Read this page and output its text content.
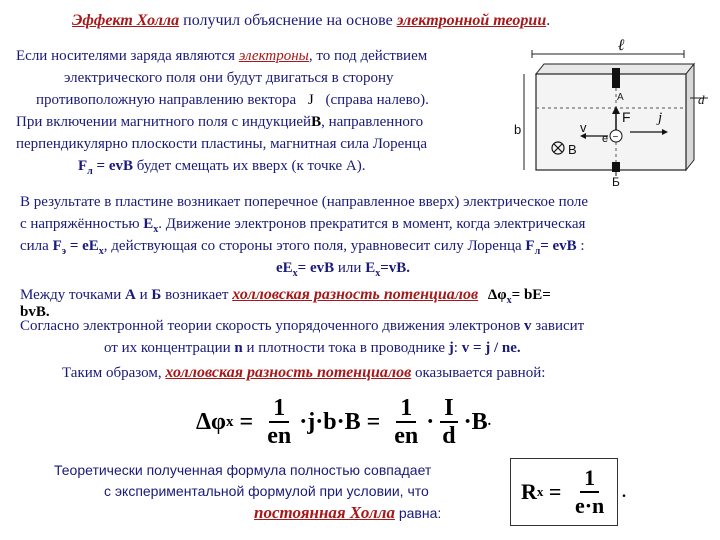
Эффект Холла получил объяснение на основе электронной теории.
Если носителями заряда являются электроны, то под действием
электрического поля они будут двигаться в сторону
противоположную направлению вектора J (справа налево).
При включении магнитного поля с индукциейB, направленного
перпендикулярно плоскости пластины, магнитная сила Лоренца
$F_л$ = evB будет смещать их вверх (к точке А).
ℓ
А
F
−
e
v
j
B
Б
b
d
В результате в пластине возникает поперечное (направленное вверх) электрическое поле
с напряжённостью $E_x$. Движение электронов прекратится в момент, когда электрическая
сила $F_э = eE_x$, действующая со стороны этого поля, уравновесит силу Лоренца $F_л=$ evB :
$eE_x=$ evB или $E_x=vB$.
Между точками А и Б возникает холловская разность потенциалов $\Delta\varphi_x= bE=$
bvB.
Согласно электронной теории скорость упорядоченного движения электронов v зависит
от их концентрации n и плотности тока в проводнике j: v = j / ne.
Таким образом, холловская разность потенциалов оказывается равной:
Δφ $x = \frac{1}{en} \cdot j\cdot b\cdot B = \frac{1}{en} \cdot \frac{I}{d} \cdot B$ .
Теоретически полученная формула полностью совпадает
с экспериментальной формулой при условии, что
постоянная Холла равна:
R $x = \frac{1}{e\cdot n}$ .
